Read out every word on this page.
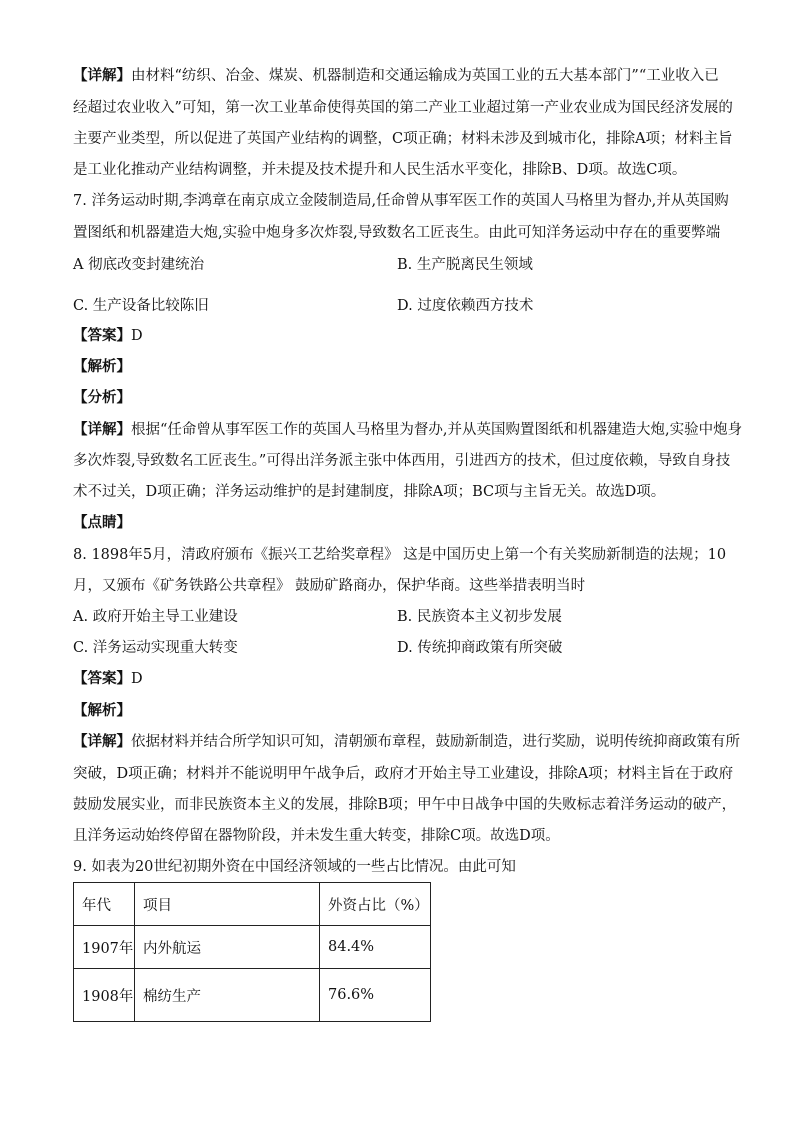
【详解】由材料“纺织、冶金、煤炭、机器制造和交通运输成为英国工业的五大基本部门”“工业收入已
经超过农业收入”可知，第一次工业革命使得英国的第二产业工业超过第一产业农业成为国民经济发展的
主要产业类型，所以促进了英国产业结构的调整，C项正确；材料未涉及到城市化，排除A项；材料主旨
是工业化推动产业结构调整，并未提及技术提升和人民生活水平变化，排除B、D项。故选C项。
7. 洋务运动时期,李鸿章在南京成立金陵制造局,任命曾从事军医工作的英国人马格里为督办,并从英国购
置图纸和机器建造大炮,实验中炮身多次炸裂,导致数名工匠丧生。由此可知洋务运动中存在的重要弊端
A 彻底改变封建统治	B. 生产脱离民生领域
C. 生产设备比较陈旧	D. 过度依赖西方技术
【答案】D
【解析】
【分析】
【详解】根据“任命曾从事军医工作的英国人马格里为督办,并从英国购置图纸和机器建造大炮,实验中炮身
多次炸裂,导致数名工匠丧生。”可得出洋务派主张中体西用，引进西方的技术，但过度依赖，导致自身技
术不过关，D项正确；洋务运动维护的是封建制度，排除A项；BC项与主旨无关。故选D项。
【点睛】
8. 1898年5月，清政府颁布《振兴工艺给奖章程》 这是中国历史上第一个有关奖励新制造的法规；10
月，又颁布《矿务铁路公共章程》 鼓励矿路商办，保护华商。这些举措表明当时
A. 政府开始主导工业建设	B. 民族资本主义初步发展
C. 洋务运动实现重大转变	D. 传统抑商政策有所突破
【答案】D
【解析】
【详解】依据材料并结合所学知识可知，清朝颁布章程，鼓励新制造，进行奖励，说明传统抑商政策有所
突破，D项正确；材料并不能说明甲午战争后，政府才开始主导工业建设，排除A项；材料主旨在于政府
鼓励发展实业，而非民族资本主义的发展，排除B项；甲午中日战争中国的失败标志着洋务运动的破产，
且洋务运动始终停留在器物阶段，并未发生重大转变，排除C项。故选D项。
9. 如表为20世纪初期外资在中国经济领域的一些占比情况。由此可知
年代	项目	外资占比（%）
1907年	内外航运	84.4%
1908年	棉纺生产	76.6%
